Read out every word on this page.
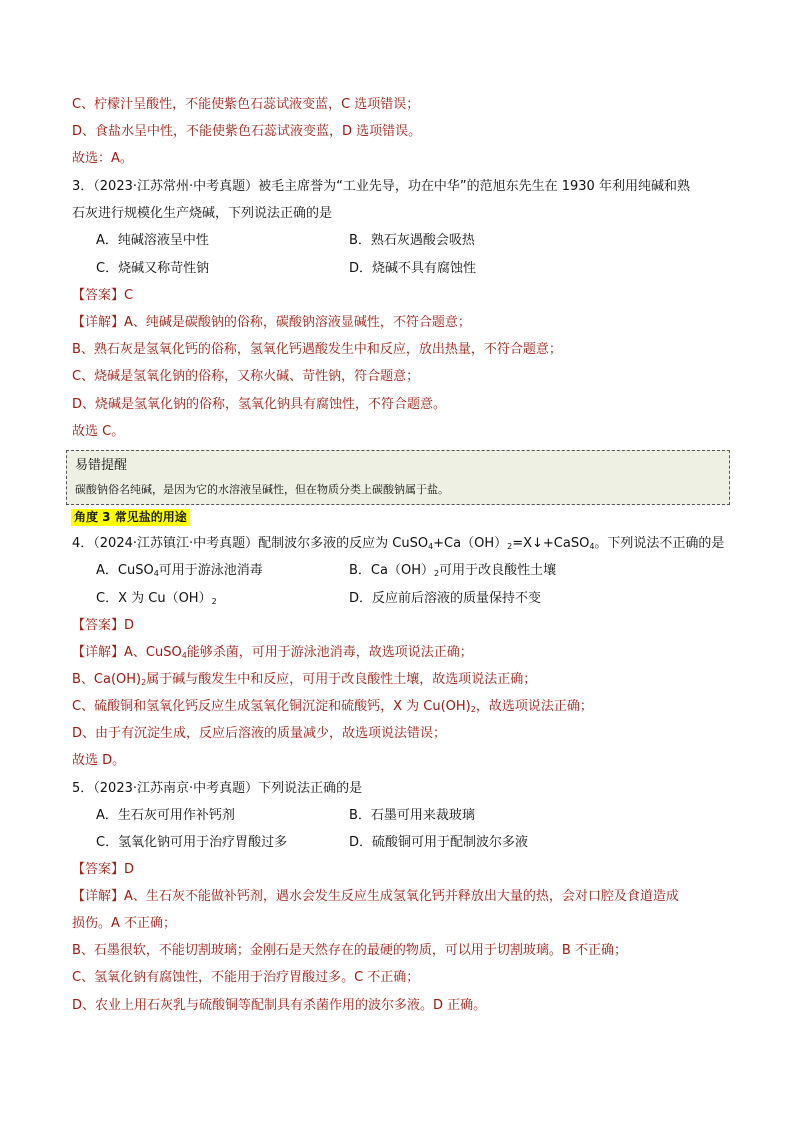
C、柠檬汁呈酸性，不能使紫色石蕊试液变蓝，C 选项错误；
D、食盐水呈中性，不能使紫色石蕊试液变蓝，D 选项错误。
故选：A。
3．（2023·江苏常州·中考真题）被毛主席誉为“工业先导，功在中华”的范旭东先生在 1930 年利用纯碱和熟
石灰进行规模化生产烧碱，下列说法正确的是
A．纯碱溶液呈中性	B．熟石灰遇酸会吸热
C．烧碱又称苛性钠	D．烧碱不具有腐蚀性
【答案】C
【详解】A、纯碱是碳酸钠的俗称，碳酸钠溶液显碱性，不符合题意；
B、熟石灰是氢氧化钙的俗称，氢氧化钙遇酸发生中和反应，放出热量，不符合题意；
C、烧碱是氢氧化钠的俗称，又称火碱、苛性钠，符合题意；
D、烧碱是氢氧化钠的俗称，氢氧化钠具有腐蚀性，不符合题意。
故选 C。
易错提醒
碳酸钠俗名纯碱，是因为它的水溶液呈碱性，但在物质分类上碳酸钠属于盐。
角度 3 常见盐的用途
4．（2024·江苏镇江·中考真题）配制波尔多液的反应为 $CuSO_4+Ca(OH)_2=X↓+CaSO_4$。下列说法不正确的是
A．CuSO$_4$可用于游泳池消毒	B．$Ca(OH)_2$可用于改良酸性土壤
C．X 为 $Cu(OH)_2$	D．反应前后溶液的质量保持不变
【答案】D
【详解】A、CuSO$_4$能够杀菌，可用于游泳池消毒，故选项说法正确；
B、$Ca(OH)_2$属于碱与酸发生中和反应，可用于改良酸性土壤，故选项说法正确；
C、硫酸铜和氢氧化钙反应生成氢氧化铜沉淀和硫酸钙，X 为 $Cu(OH)_2$，故选项说法正确；
D、由于有沉淀生成，反应后溶液的质量减少，故选项说法错误；
故选 D。
5．（2023·江苏南京·中考真题）下列说法正确的是
A．生石灰可用作补钙剂	B．石墨可用来裁玻璃
C．氢氧化钠可用于治疗胃酸过多	D．硫酸铜可用于配制波尔多液
【答案】D
【详解】A、生石灰不能做补钙剂，遇水会发生反应生成氢氧化钙并释放出大量的热，会对口腔及食道造成
损伤。A 不正确；
B、石墨很软，不能切割玻璃；金刚石是天然存在的最硬的物质，可以用于切割玻璃。B 不正确；
C、氢氧化钠有腐蚀性，不能用于治疗胃酸过多。C 不正确；
D、农业上用石灰乳与硫酸铜等配制具有杀菌作用的波尔多液。D 正确。
